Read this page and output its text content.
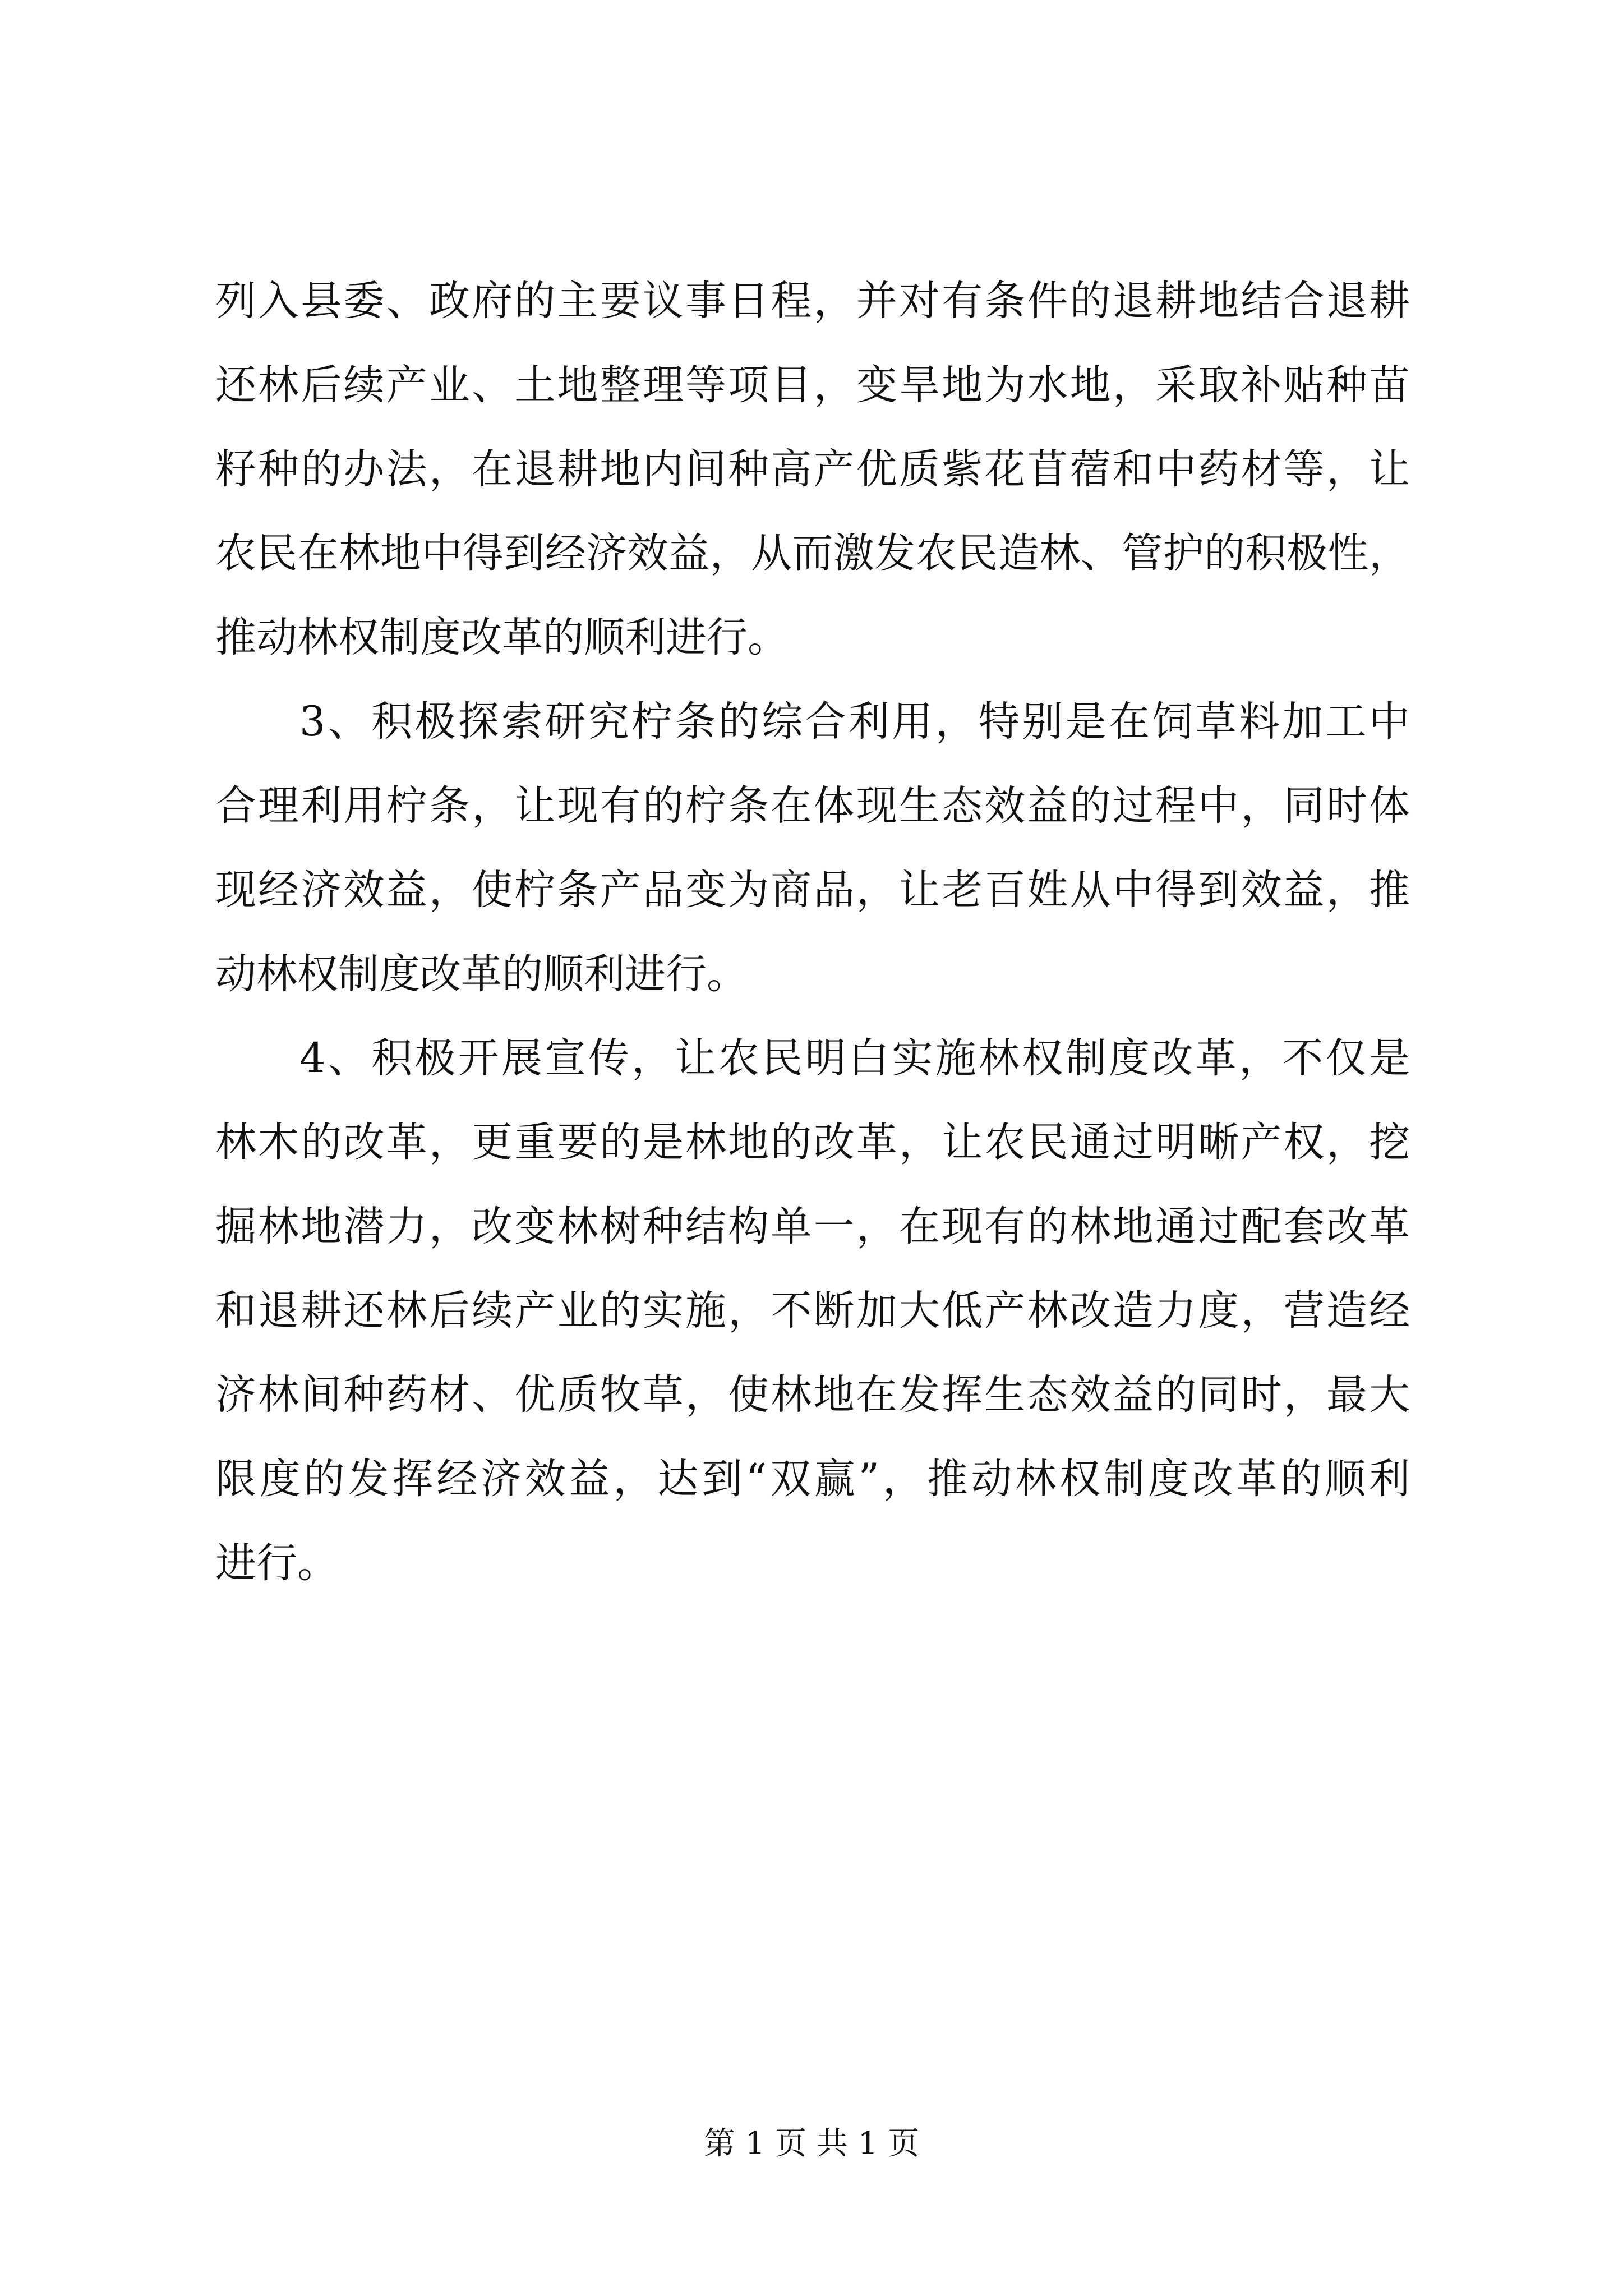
列入县委、政府的主要议事日程，并对有条件的退耕地结合退耕
还林后续产业、土地整理等项目，变旱地为水地，采取补贴种苗
籽种的办法，在退耕地内间种高产优质紫花苜蓿和中药材等，让
农民在林地中得到经济效益，从而激发农民造林、管护的积极性，
推动林权制度改革的顺利进行。
3、积极探索研究柠条的综合利用，特别是在饲草料加工中
合理利用柠条，让现有的柠条在体现生态效益的过程中，同时体
现经济效益，使柠条产品变为商品，让老百姓从中得到效益，推
动林权制度改革的顺利进行。
4、积极开展宣传，让农民明白实施林权制度改革，不仅是
林木的改革，更重要的是林地的改革，让农民通过明晰产权，挖
掘林地潜力，改变林树种结构单一，在现有的林地通过配套改革
和退耕还林后续产业的实施，不断加大低产林改造力度，营造经
济林间种药材、优质牧草，使林地在发挥生态效益的同时，最大
限度的发挥经济效益，达到“双赢”，推动林权制度改革的顺利
进行。
第 1 页 共 1 页
